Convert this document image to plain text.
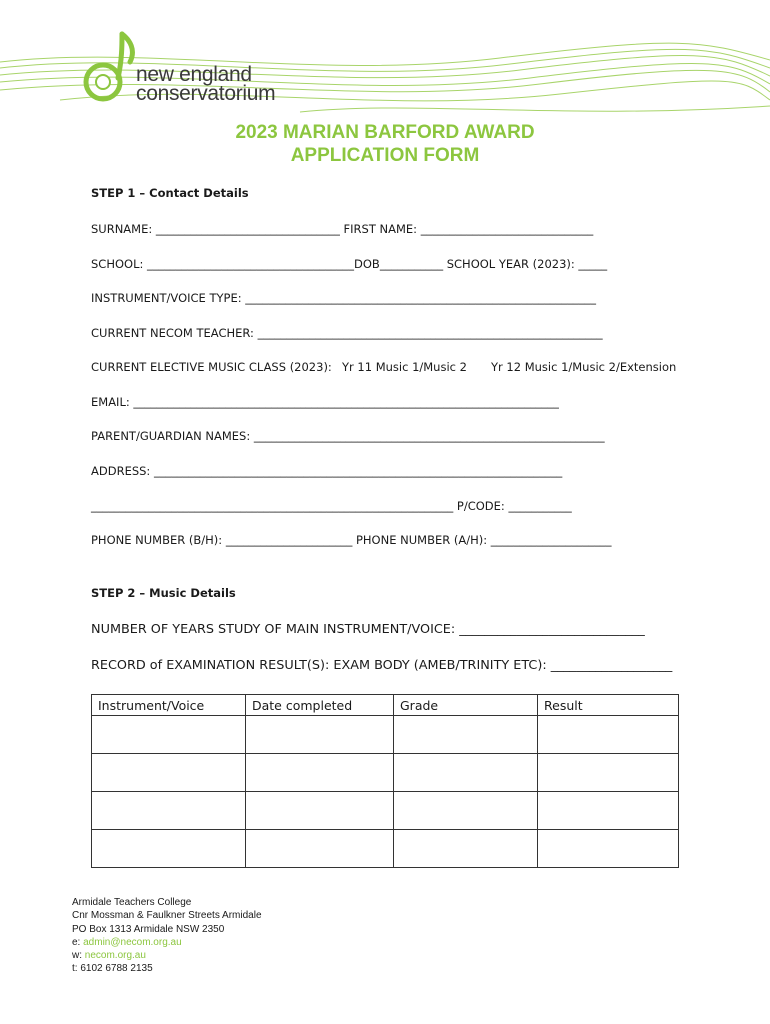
new england
conservatorium
2023 MARIAN BARFORD AWARD
APPLICATION FORM
STEP 1 – Contact Details
SURNAME: ________________________________ FIRST NAME: ______________________________
SCHOOL: ____________________________________DOB___________ SCHOOL YEAR (2023): _____
INSTRUMENT/VOICE TYPE: _____________________________________________________________
CURRENT NECOM TEACHER: ____________________________________________________________
CURRENT ELECTIVE MUSIC CLASS (2023): Yr 11 Music 1/Music 2 Yr 12 Music 1/Music 2/Extension
EMAIL: __________________________________________________________________________
PARENT/GUARDIAN NAMES: _____________________________________________________________
ADDRESS: _______________________________________________________________________
_______________________________________________________________ P/CODE: ___________
PHONE NUMBER (B/H): ______________________ PHONE NUMBER (A/H): _____________________
STEP 2 – Music Details
NUMBER OF YEARS STUDY OF MAIN INSTRUMENT/VOICE: _____________________________
RECORD of EXAMINATION RESULT(S): EXAM BODY (AMEB/TRINITY ETC): ___________________
Instrument/Voice	Date completed	Grade	Result

Armidale Teachers College
Cnr Mossman & Faulkner Streets Armidale
PO Box 1313 Armidale NSW 2350
e: admin@necom.org.au
w: necom.org.au
t: 6102 6788 2135
